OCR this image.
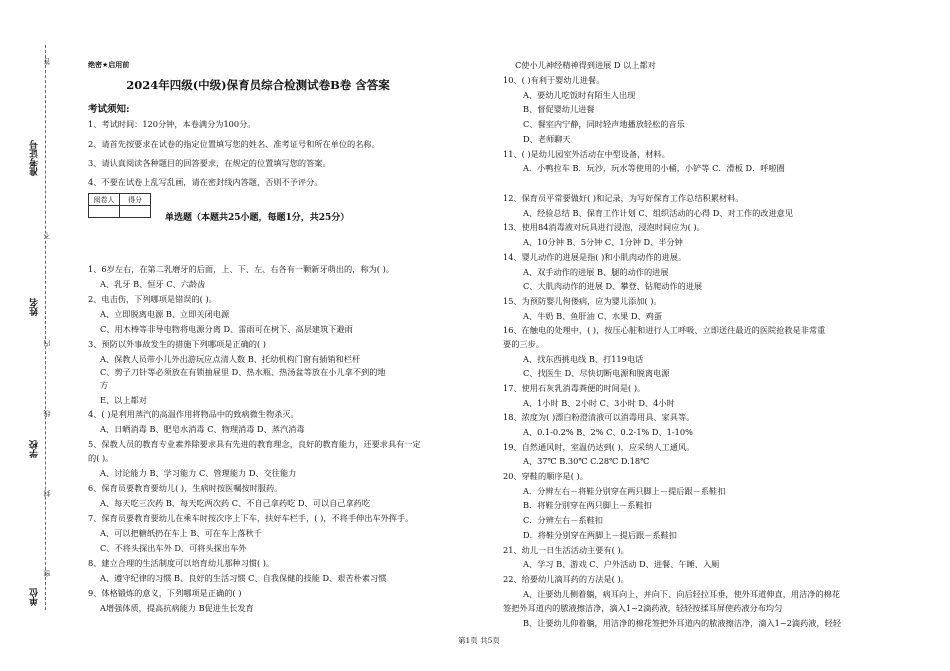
准考证号
姓名
学校
单位
答
不
内
线
封
密
绝密★启用前
2024年四级(中级)保育员综合检测试卷B卷 含答案
考试须知:
1、考试时间：120分钟，本卷满分为100分。
2、请首先按要求在试卷的指定位置填写您的姓名、准考证号和所在单位的名称。
3、请认真阅读各种题目的回答要求，在规定的位置填写您的答案。
4、不要在试卷上乱写乱画，请在密封线内答题，否则不予评分。
阅卷人	得分

单选题（本题共25小题，每题1分，共25分）
1、6岁左右，在第二乳磨牙的后面，上、下、左、右各有一颗新牙萌出的，称为( )。
A、乳牙 B、恒牙 C、六龄齿
2、电击伤，下列哪项是错误的( )。
A、立即脱离电源 B、立即关闭电源
C、用木棒等非导电物将电源分离 D、雷雨可在树下、高层建筑下避雨
3、预防以外事故发生的措施下列哪项是正确的( )
A、保教人员带小儿外出游玩应点清人数 B、托幼机构门窗有插销和栏杆
C、剪子刀针等必须放在有锁抽屉里 D、热水瓶、热汤盆等放在小儿拿不到的地
方
E、以上都对
4、( )是利用蒸汽的高温作用将物品中的致病微生物杀灭。
A、日晒消毒 B、肥皂水消毒 C、物理消毒 D、蒸汽消毒
5、保教人员的教育专业素养除要求具有先进的教育理念，良好的教育能力，还要求具有一定
的( )。
A、讨论能力 B、学习能力 C、管理能力 D、交往能力
6、保育员要教育要幼儿( )，生病时按医嘱按时服药。
A、每天吃三次药 B、每天吃两次药 C、不自己拿药吃 D、可以自己拿药吃
7、保育员要教育要幼儿在乘车时按次序上下车，扶好车栏手，( )，不将手伸出车外挥手。
A、可以把糖纸扔在车上 B、可在车上落秋千
C、不将头探出车外 D、可将头探出车外
8、建立合理的生活制度可以培育幼儿那种习惯( )。
A、遵守纪律的习惯 B、良好的生活习惯 C、自我保健的技能 D、艰苦朴素习惯
9、体格锻炼的意义，下列哪项是正确的( )
A增强体质，提高抗病能力 B促进生长发育
C使小儿神经精神得到进展 D 以上都对
10、( )有利于婴幼儿进餐。
A、要幼儿吃饭时有陌生人出现
B、督促婴幼儿进餐
C、餐室内宁静，同时轻声地播放轻松的音乐
D、老师聊天
11、( )是幼儿园室外活动在中型设备，材料。
A．小鸭拉车 B．玩沙，玩水等使用的小桶，小铲等 C．滑板 D．呼啦圈
12、保育员平常要做好( )和记录，为写好保育工作总结积累材料。
A、经验总结 B、保育工作计划 C、组织活动的心得 D、对工作的改进意见
13、使用84消毒液对玩具进行浸泡，浸泡时间应为( )。
A、10分钟 B、5分钟 C、1分钟 D、半分钟
14、婴儿动作的进展是指( )和小肌肉动作的进展。
A、双手动作的进展 B、腿的动作的进展
C、大肌肉动作的进展 D、攀登、钻爬动作的进展
15、为预防婴儿佝偻病，应为婴儿添加( )。
A、牛奶 B、鱼肝油 C、水果 D、鸡蛋
16、在触电的处理中，( )，按压心脏和进行人工呼吸、立即送往最近的医院抢救是非常重
要的三步。
A、找东西挑电线 B、打119电话
C、找医生 D、尽快切断电源和脱离电源
17、使用石灰乳消毒粪便的时间是( )。
A、1小时 B、2小时 C、3小时 D、4小时
18、浓度为( )漂白粉澄清液可以消毒用具、家具等。
A、0.1-0.2% B、2% C、0.2-1% D、1-10%
19、自然通风时，室温仍达到( )，应采纳人工通风。
A、37℃ B.30℃ C.28℃ D.18℃
20、穿鞋的顺序是( )。
A．分辨左右－将鞋分别穿在两只脚上－提后跟－系鞋扣
B．将鞋分别穿在两只脚上－系鞋扣
C．分辨左右－系鞋扣
D．将鞋分别穿在两脚上－提后跟－系鞋扣
21、幼儿一日生活活动主要有( )。
A、学习 B、游戏 C、户外活动 D、进餐、午睡、入厕
22、给要幼儿滴耳药的方法是( )。
A、让要幼儿侧着躺，病耳向上，并向下、向后轻拉耳垂，使外耳道伸直，用洁净的棉花
签把外耳道内的脓液擦洁净，滴入1~2滴药液，轻轻按揉耳屏使药液分布均匀
B、让要幼儿仰着躺，用洁净的棉花签把外耳道内的脓液擦洁净，滴入1~2滴药液，轻轻
第1页 共5页
